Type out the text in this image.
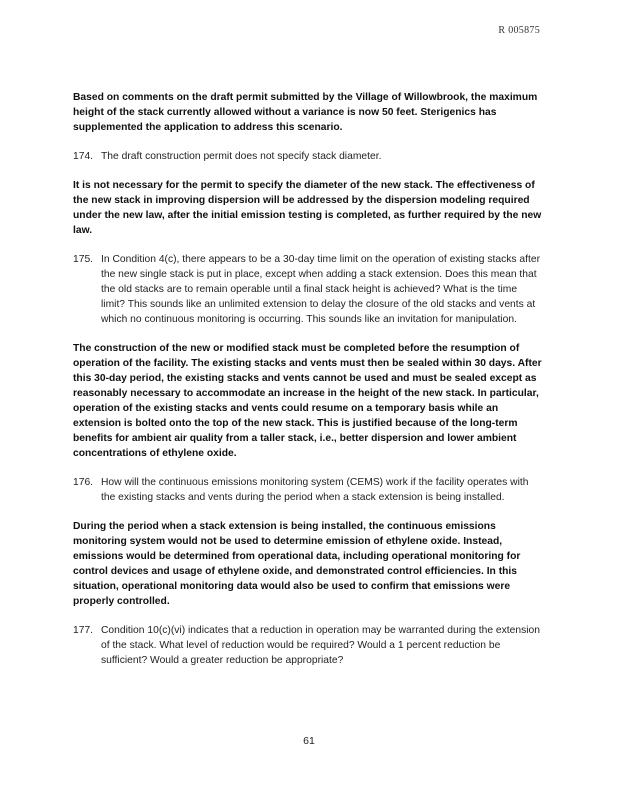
R 005875

Based on comments on the draft permit submitted by the Village of Willowbrook, the maximum height of the stack currently allowed without a variance is now 50 feet. Sterigenics has supplemented the application to address this scenario.

174. The draft construction permit does not specify stack diameter.

It is not necessary for the permit to specify the diameter of the new stack. The effectiveness of the new stack in improving dispersion will be addressed by the dispersion modeling required under the new law, after the initial emission testing is completed, as further required by the new law.

175. In Condition 4(c), there appears to be a 30-day time limit on the operation of existing stacks after the new single stack is put in place, except when adding a stack extension. Does this mean that the old stacks are to remain operable until a final stack height is achieved? What is the time limit? This sounds like an unlimited extension to delay the closure of the old stacks and vents at which no continuous monitoring is occurring. This sounds like an invitation for manipulation.

The construction of the new or modified stack must be completed before the resumption of operation of the facility. The existing stacks and vents must then be sealed within 30 days. After this 30-day period, the existing stacks and vents cannot be used and must be sealed except as reasonably necessary to accommodate an increase in the height of the new stack. In particular, operation of the existing stacks and vents could resume on a temporary basis while an extension is bolted onto the top of the new stack. This is justified because of the long-term benefits for ambient air quality from a taller stack, i.e., better dispersion and lower ambient concentrations of ethylene oxide.

176. How will the continuous emissions monitoring system (CEMS) work if the facility operates with the existing stacks and vents during the period when a stack extension is being installed.

During the period when a stack extension is being installed, the continuous emissions monitoring system would not be used to determine emission of ethylene oxide. Instead, emissions would be determined from operational data, including operational monitoring for control devices and usage of ethylene oxide, and demonstrated control efficiencies. In this situation, operational monitoring data would also be used to confirm that emissions were properly controlled.

177. Condition 10(c)(vi) indicates that a reduction in operation may be warranted during the extension of the stack. What level of reduction would be required? Would a 1 percent reduction be sufficient? Would a greater reduction be appropriate?
61
